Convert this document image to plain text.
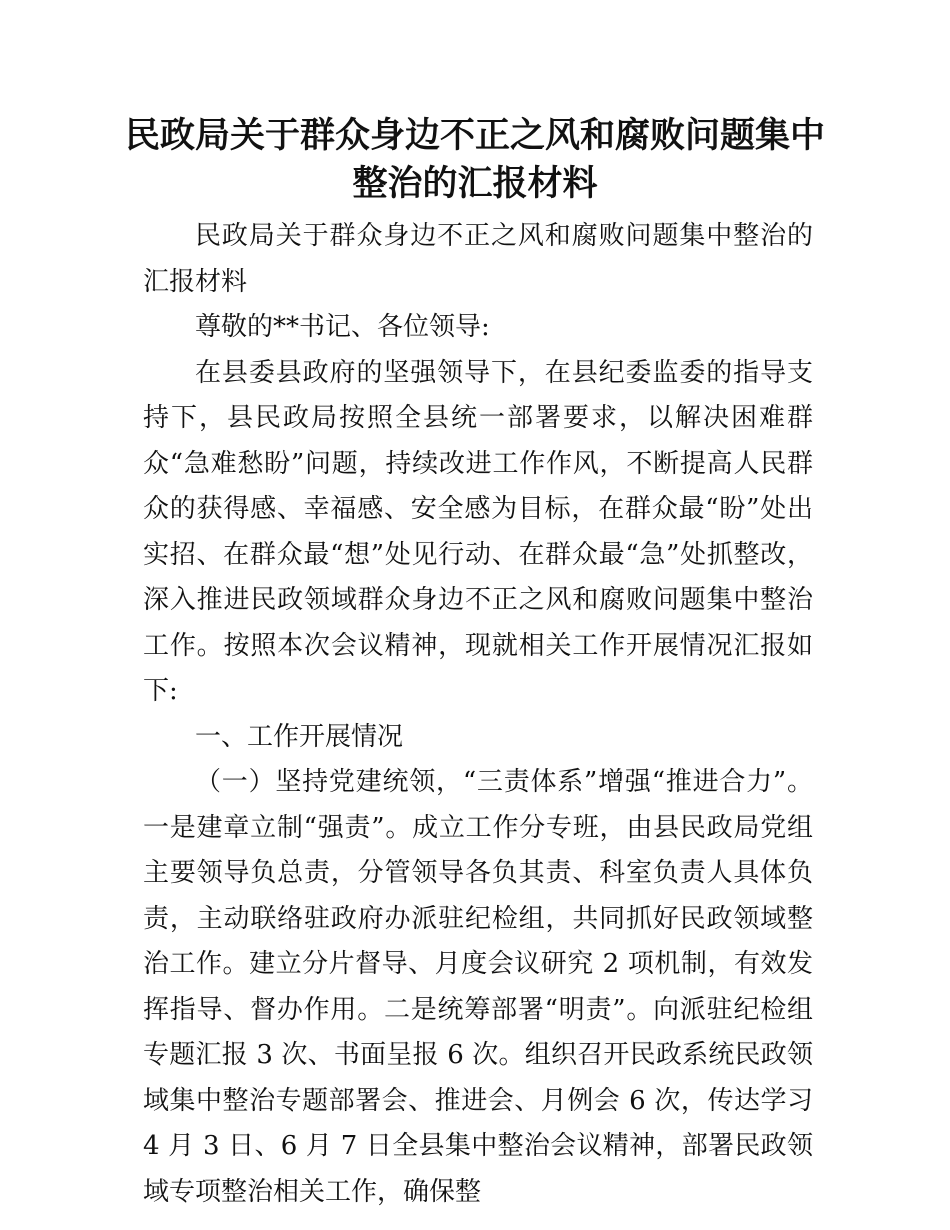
民政局关于群众身边不正之风和腐败问题集中
整治的汇报材料

民政局关于群众身边不正之风和腐败问题集中整治的汇报材料

尊敬的**书记、各位领导:

在县委县政府的坚强领导下，在县纪委监委的指导支持下，县民政局按照全县统一部署要求，以解决困难群众“急难愁盼”问题，持续改进工作作风，不断提高人民群众的获得感、幸福感、安全感为目标，在群众最“盼”处出实招、在群众最“想”处见行动、在群众最“急”处抓整改，深入推进民政领域群众身边不正之风和腐败问题集中整治工作。按照本次会议精神，现就相关工作开展情况汇报如下:

一、工作开展情况

（一）坚持党建统领，“三责体系”增强“推进合力”。一是建章立制“强责”。成立工作分专班，由县民政局党组主要领导负总责，分管领导各负其责、科室负责人具体负责，主动联络驻政府办派驻纪检组，共同抓好民政领域整治工作。建立分片督导、月度会议研究 2 项机制，有效发挥指导、督办作用。二是统筹部署“明责”。向派驻纪检组专题汇报 3 次、书面呈报 6 次。组织召开民政系统民政领域集中整治专题部署会、推进会、月例会 6 次，传达学习 4 月 3 日、6 月 7 日全县集中整治会议精神，部署民政领域专项整治相关工作，确保整
